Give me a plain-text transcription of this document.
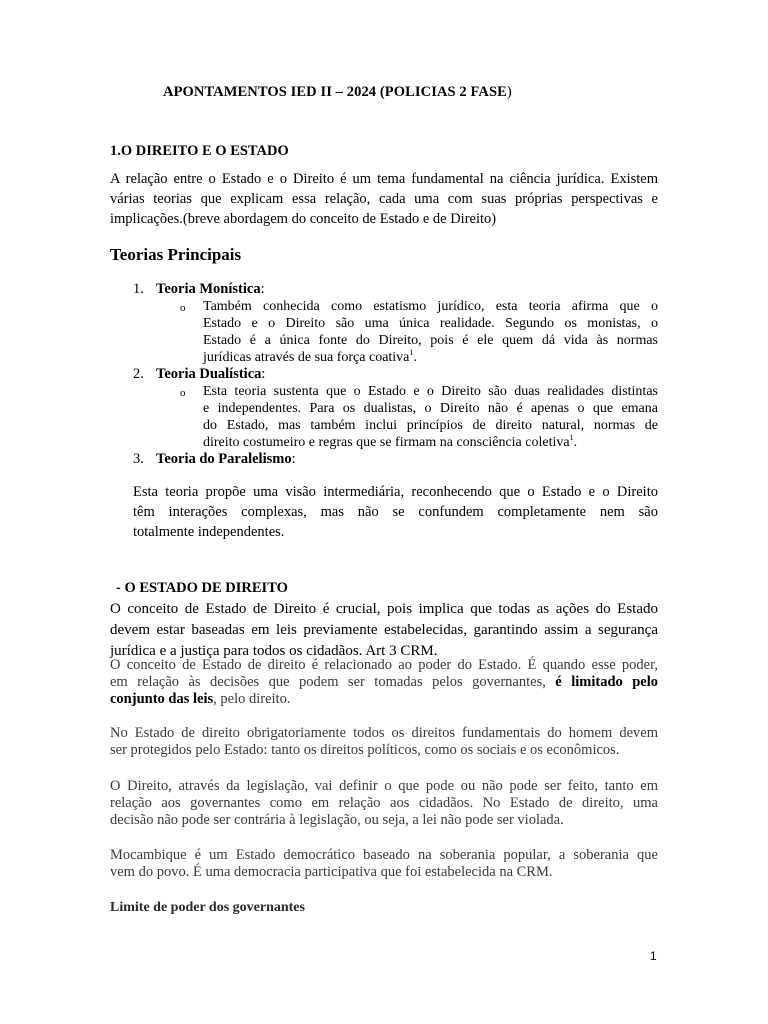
APONTAMENTOS IED II – 2024 (POLICIAS 2 FASE)
1.O DIREITO E O ESTADO
A relação entre o Estado e o Direito é um tema fundamental na ciência jurídica. Existem
várias teorias que explicam essa relação, cada uma com suas próprias perspectivas e
implicações.(breve abordagem do conceito de Estado e de Direito)
Teorias Principais
1. Teoria Monística:
o Também conhecida como estatismo jurídico, esta teoria afirma que o
Estado e o Direito são uma única realidade. Segundo os monistas, o
Estado é a única fonte do Direito, pois é ele quem dá vida às normas
jurídicas através de sua força coativa$^1$.
2. Teoria Dualística:
o Esta teoria sustenta que o Estado e o Direito são duas realidades distintas
e independentes. Para os dualistas, o Direito não é apenas o que emana
do Estado, mas também inclui princípios de direito natural, normas de
direito costumeiro e regras que se firmam na consciência coletiva$^1$.
3. Teoria do Paralelismo:
Esta teoria propõe uma visão intermediária, reconhecendo que o Estado e o Direito
têm interações complexas, mas não se confundem completamente nem são
totalmente independentes.
- O ESTADO DE DIREITO
O conceito de Estado de Direito é crucial, pois implica que todas as ações do Estado
devem estar baseadas em leis previamente estabelecidas, garantindo assim a segurança
jurídica e a justiça para todos os cidadãos. Art 3 CRM.
O conceito de Estado de direito é relacionado ao poder do Estado. É quando esse poder,
em relação às decisões que podem ser tomadas pelos governantes, é limitado pelo
conjunto das leis, pelo direito.
No Estado de direito obrigatoriamente todos os direitos fundamentais do homem devem
ser protegidos pelo Estado: tanto os direitos políticos, como os sociais e os econômicos.
O Direito, através da legislação, vai definir o que pode ou não pode ser feito, tanto em
relação aos governantes como em relação aos cidadãos. No Estado de direito, uma
decisão não pode ser contrária à legislação, ou seja, a lei não pode ser violada.
Mocambique é um Estado democrático baseado na soberania popular, a soberania que
vem do povo. É uma democracia participativa que foi estabelecida na CRM.
Limite de poder dos governantes
1
